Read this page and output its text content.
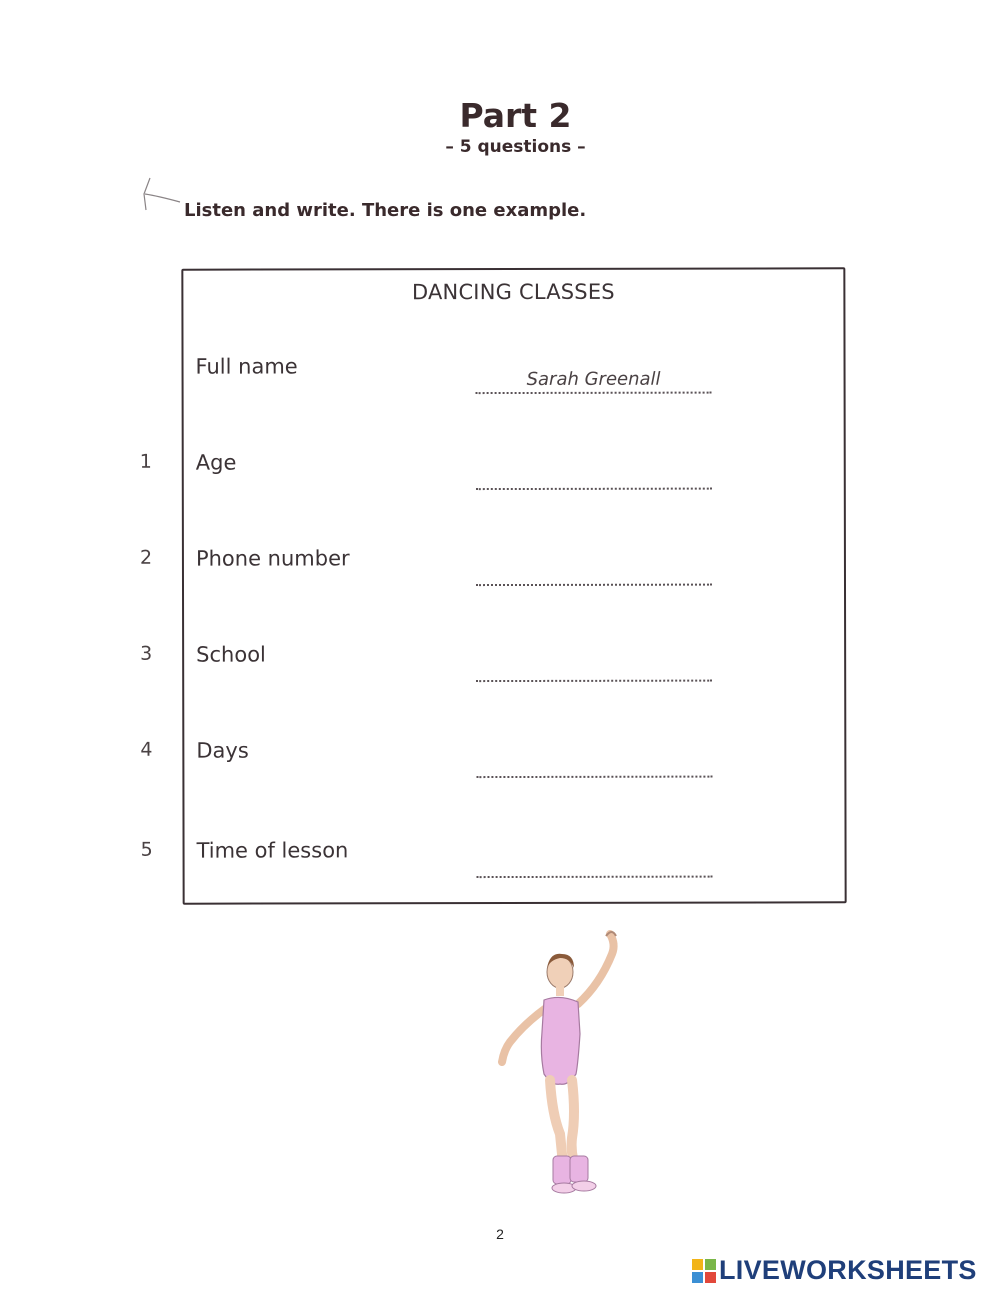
Part 2
– 5 questions –
Listen and write. There is one example.
DANCING CLASSES
Full name
Sarah Greenall
1 Age
2 Phone number
3 School
4 Days
5 Time of lesson
2
LIVEWORKSHEETS
